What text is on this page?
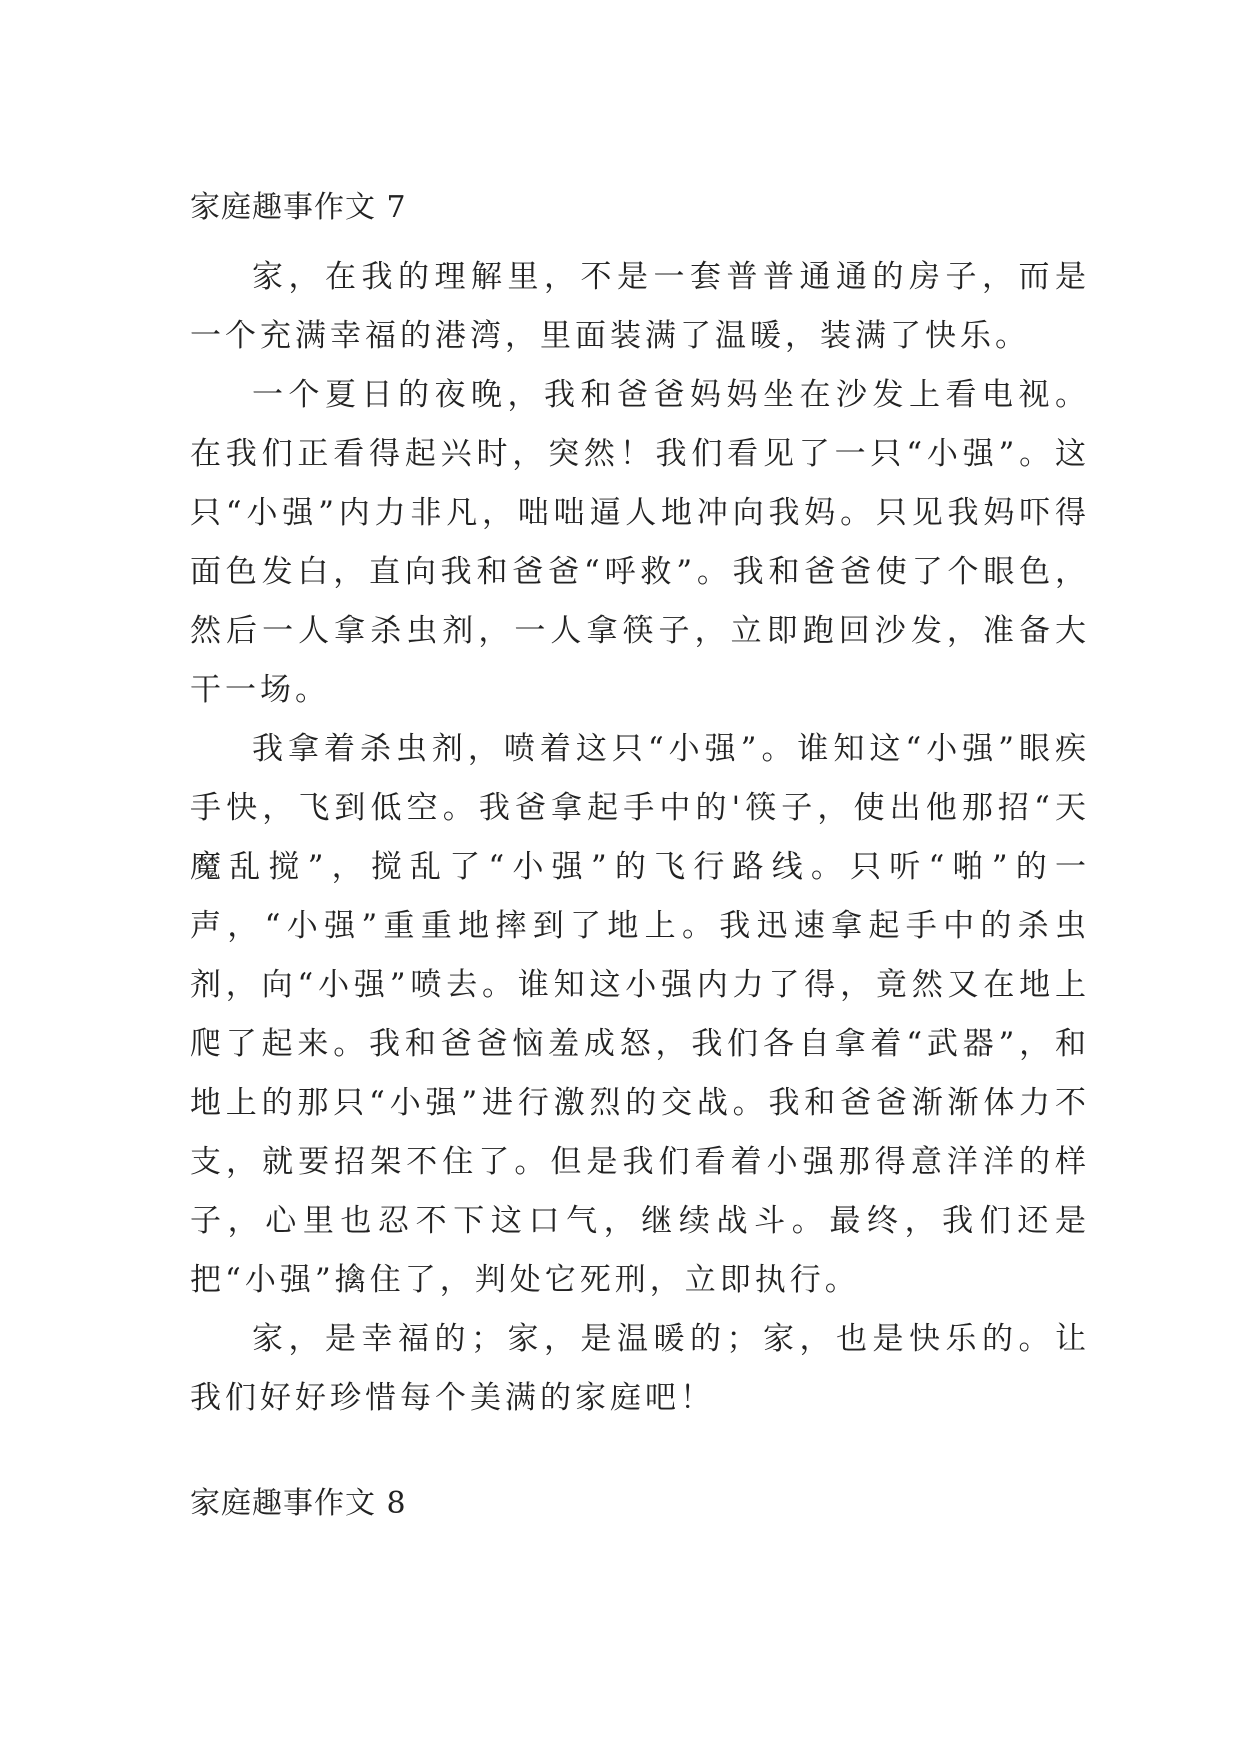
家庭趣事作文 7

家，在我的理解里，不是一套普普通通的房子，而是一个充满幸福的港湾，里面装满了温暖，装满了快乐。

一个夏日的夜晚，我和爸爸妈妈坐在沙发上看电视。在我们正看得起兴时，突然！我们看见了一只“小强”。这只“小强”内力非凡，咄咄逼人地冲向我妈。只见我妈吓得面色发白，直向我和爸爸“呼救”。我和爸爸使了个眼色，然后一人拿杀虫剂，一人拿筷子，立即跑回沙发，准备大干一场。

我拿着杀虫剂，喷着这只“小强”。谁知这“小强”眼疾手快，飞到低空。我爸拿起手中的'筷子，使出他那招“天魔乱搅”，搅乱了“小强”的飞行路线。只听“啪”的一声，“小强”重重地摔到了地上。我迅速拿起手中的杀虫剂，向“小强”喷去。谁知这小强内力了得，竟然又在地上爬了起来。我和爸爸恼羞成怒，我们各自拿着“武器”，和地上的那只“小强”进行激烈的交战。我和爸爸渐渐体力不支，就要招架不住了。但是我们看着小强那得意洋洋的样子，心里也忍不下这口气，继续战斗。最终，我们还是把“小强”擒住了，判处它死刑，立即执行。

家，是幸福的；家，是温暖的；家，也是快乐的。让我们好好珍惜每个美满的家庭吧！

家庭趣事作文 8
